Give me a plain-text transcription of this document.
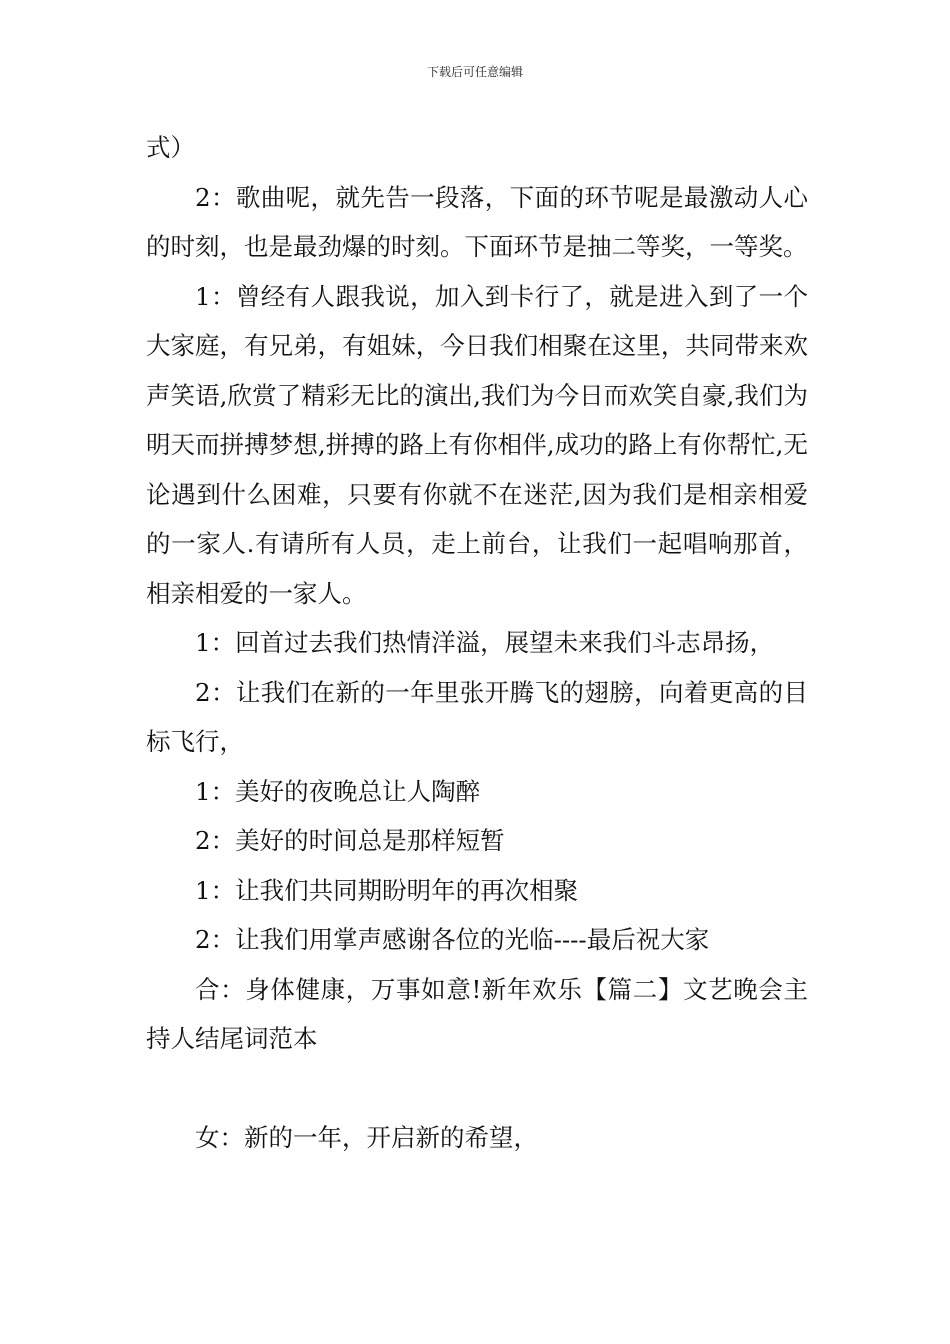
下载后可任意编辑

式）

2：歌曲呢，就先告一段落，下面的环节呢是最激动人心的时刻，也是最劲爆的时刻。下面环节是抽二等奖，一等奖。

1：曾经有人跟我说，加入到卡行了，就是进入到了一个大家庭，有兄弟，有姐妹，今日我们相聚在这里，共同带来欢声笑语,欣赏了精彩无比的演出,我们为今日而欢笑自豪,我们为明天而拼搏梦想,拼搏的路上有你相伴,成功的路上有你帮忙,无论遇到什么困难，只要有你就不在迷茫,因为我们是相亲相爱的一家人.有请所有人员，走上前台，让我们一起唱响那首，相亲相爱的一家人。

1：回首过去我们热情洋溢，展望未来我们斗志昂扬，

2：让我们在新的一年里张开腾飞的翅膀，向着更高的目标飞行，

1：美好的夜晚总让人陶醉

2：美好的时间总是那样短暂

1：让我们共同期盼明年的再次相聚

2：让我们用掌声感谢各位的光临----最后祝大家

合：身体健康，万事如意!新年欢乐【篇二】文艺晚会主持人结尾词范本

女：新的一年，开启新的希望，
